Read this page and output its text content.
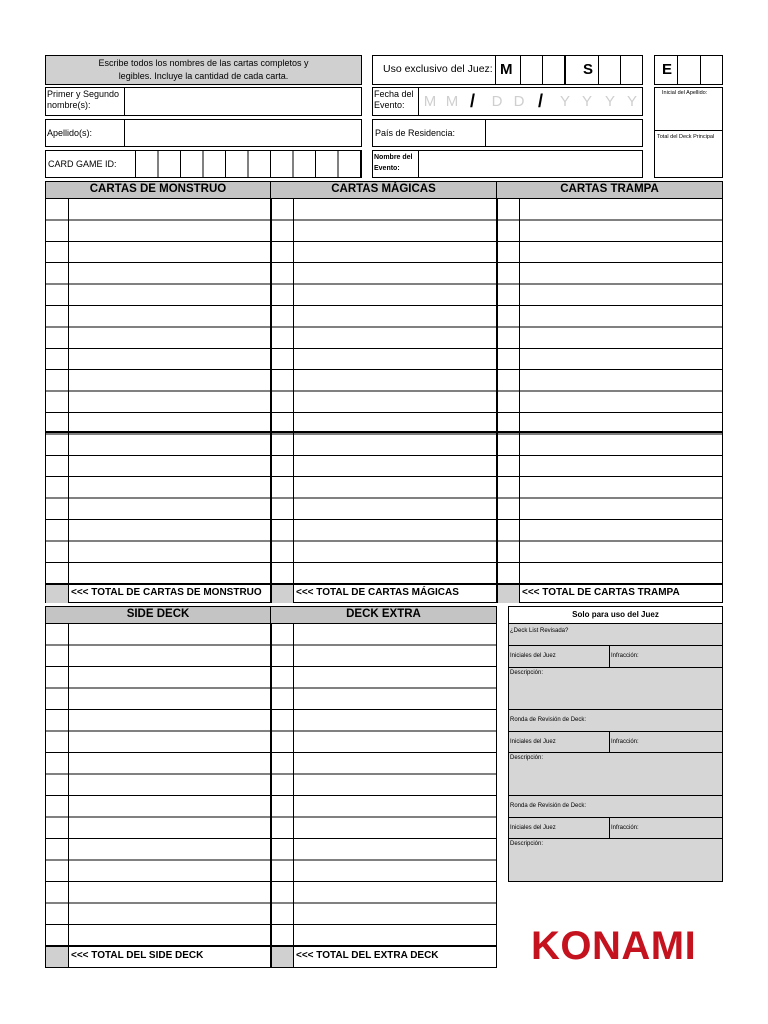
Escribe todos los nombres de las cartas completos y
legibles. Incluye la cantidad de cada carta.
Primer y Segundo nombre(s):
Apellido(s):
CARD GAME ID:
Uso exclusivo del Juez: M	S	E
Fecha del Evento:	M M / D D / Y Y Y Y
País de Residencia:
Nombre del Evento:
Inicial del Apellido:
Total del Deck Principal
CARTAS DE MONSTRUO	CARTAS MÁGICAS	CARTAS TRAMPA
<<< TOTAL DE CARTAS DE MONSTRUO	<<< TOTAL DE CARTAS MÁGICAS	<<< TOTAL DE CARTAS TRAMPA
SIDE DECK	DECK EXTRA
<<< TOTAL DEL SIDE DECK	<<< TOTAL DEL EXTRA DECK
Solo para uso del Juez
¿Deck List Revisada?
Iniciales del Juez	Infracción:
Descripción:
Ronda de Revisión de Deck:
Iniciales del Juez	Infracción:
Descripción:
Ronda de Revisión de Deck:
Iniciales del Juez	Infracción:
Descripción:
KONAMI
